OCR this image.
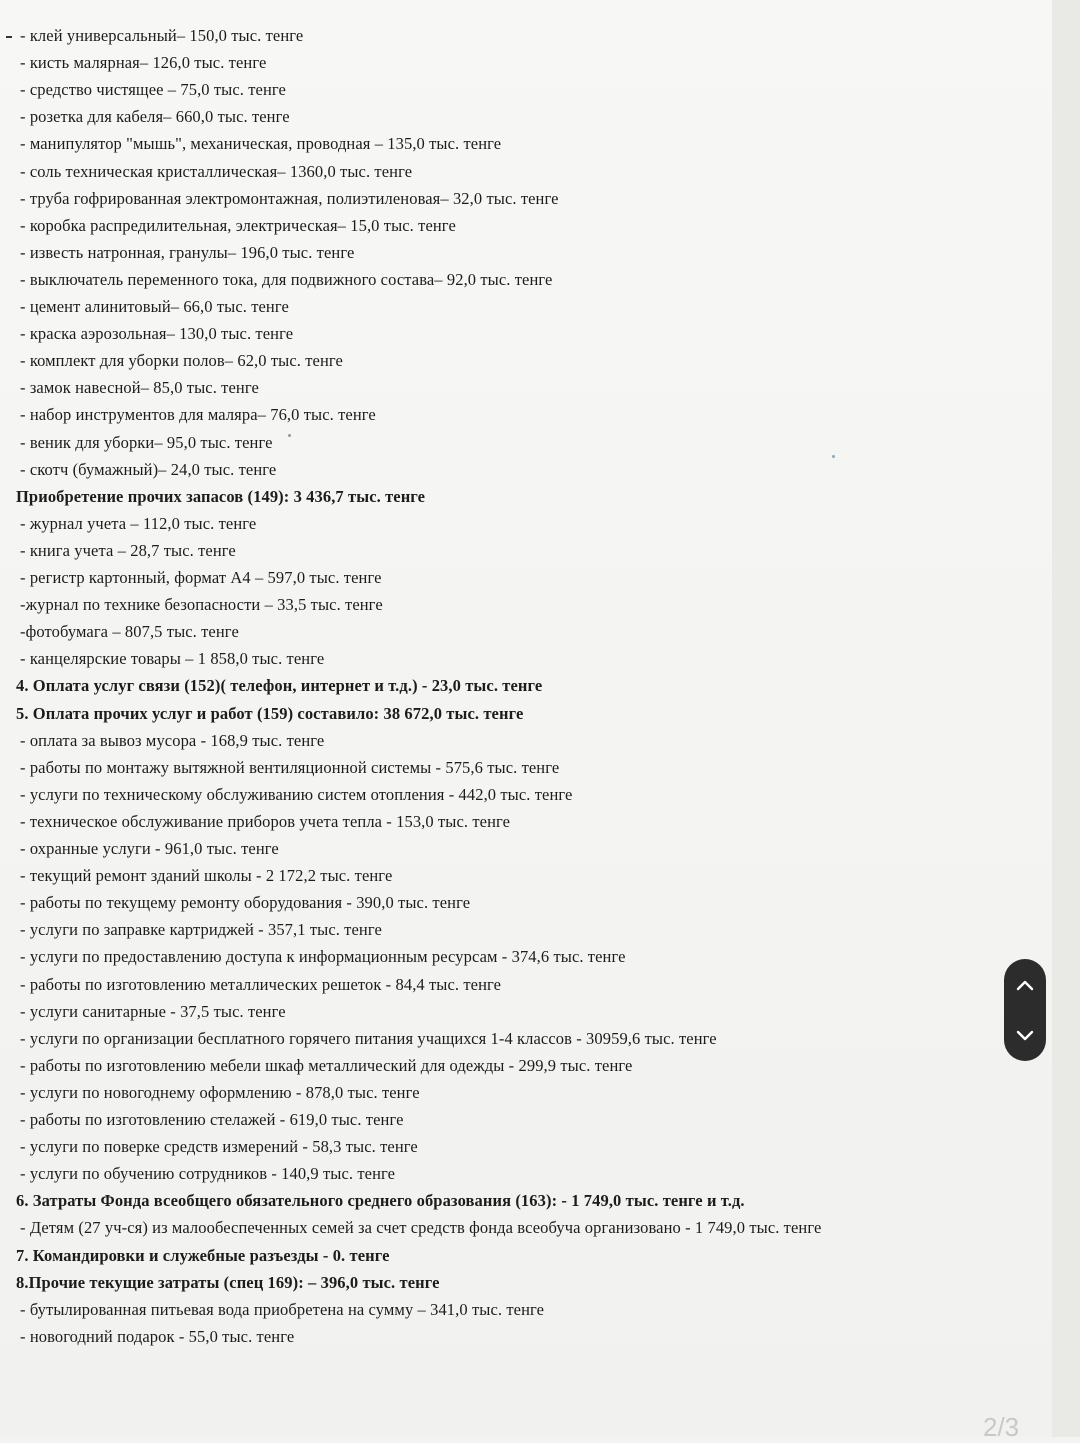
- клей универсальный– 150,0 тыс. тенге
- кисть малярная– 126,0 тыс. тенге
- средство чистящее – 75,0 тыс. тенге
- розетка для кабеля– 660,0 тыс. тенге
- манипулятор "мышь", механическая, проводная – 135,0 тыс. тенге
- соль техническая кристаллическая– 1360,0 тыс. тенге
- труба гофрированная электромонтажная, полиэтиленовая– 32,0 тыс. тенге
- коробка распредилительная, электрическая– 15,0 тыс. тенге
- известь натронная, гранулы– 196,0 тыс. тенге
- выключатель переменного тока, для подвижного состава– 92,0 тыс. тенге
- цемент алинитовый– 66,0 тыс. тенге
- краска аэрозольная– 130,0 тыс. тенге
- комплект для уборки полов– 62,0 тыс. тенге
- замок навесной– 85,0 тыс. тенге
- набор инструментов для маляра– 76,0 тыс. тенге
- веник для уборки– 95,0 тыс. тенге
- скотч (бумажный)– 24,0 тыс. тенге
Приобретение прочих запасов (149): 3 436,7 тыс. тенге
- журнал учета – 112,0 тыс. тенге
- книга учета – 28,7 тыс. тенге
- регистр картонный, формат А4 – 597,0 тыс. тенге
-журнал по технике безопасности – 33,5 тыс. тенге
-фотобумага – 807,5 тыс. тенге
- канцелярские товары – 1 858,0 тыс. тенге
4. Оплата услуг связи (152)( телефон, интернет и т.д.) - 23,0 тыс. тенге
5. Оплата прочих услуг и работ (159) составило: 38 672,0 тыс. тенге
- оплата за вывоз мусора - 168,9 тыс. тенге
- работы по монтажу вытяжной вентиляционной системы - 575,6 тыс. тенге
- услуги по техническому обслуживанию систем отопления - 442,0 тыс. тенге
- техническое обслуживание приборов учета тепла - 153,0 тыс. тенге
- охранные услуги - 961,0 тыс. тенге
- текущий ремонт зданий школы - 2 172,2 тыс. тенге
- работы по текущему ремонту оборудования - 390,0 тыс. тенге
- услуги по заправке картриджей - 357,1 тыс. тенге
- услуги по предоставлению доступа к информационным ресурсам - 374,6 тыс. тенге
- работы по изготовлению металлических решеток - 84,4 тыс. тенге
- услуги санитарные - 37,5 тыс. тенге
- услуги по организации бесплатного горячего питания учащихся 1-4 классов - 30959,6 тыс. тенге
- работы по изготовлению мебели шкаф металлический для одежды - 299,9 тыс. тенге
- услуги по новогоднему оформлению - 878,0 тыс. тенге
- работы по изготовлению стелажей - 619,0 тыс. тенге
- услуги по поверке средств измерений - 58,3 тыс. тенге
- услуги по обучению сотрудников - 140,9 тыс. тенге
6. Затраты Фонда всеобщего обязательного среднего образования (163): - 1 749,0 тыс. тенге и т.д.
- Детям (27 уч-ся) из малообеспеченных семей за счет средств фонда всеобуча организовано - 1 749,0 тыс. тенге
7. Командировки и служебные разъезды - 0. тенге
8.Прочие текущие затраты (спец 169): – 396,0 тыс. тенге
- бутылированная питьевая вода приобретена на сумму – 341,0 тыс. тенге
- новогодний подарок - 55,0 тыс. тенге
2/3
